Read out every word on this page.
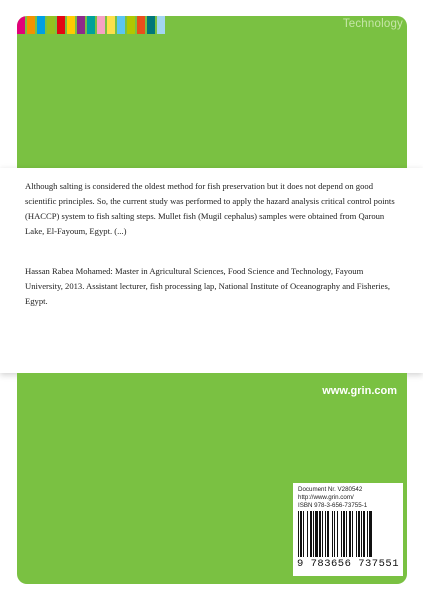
Technology

Although salting is considered the oldest method for fish preservation but it does not depend on good scientific principles. So, the current study was performed to apply the hazard analysis critical control points (HACCP) system to fish salting steps. Mullet fish (Mugil cephalus) samples were obtained from Qaroun Lake, El-Fayoum, Egypt. (...)

Hassan Rabea Mohamed: Master in Agricultural Sciences, Food Science and Technology, Fayoum University, 2013. Assistant lecturer, fish processing lap, National Institute of Oceanography and Fisheries, Egypt.

www.grin.com
Document Nr. V280542
http://www.grin.com/
ISBN 978-3-656-73755-1
9 783656 737551
